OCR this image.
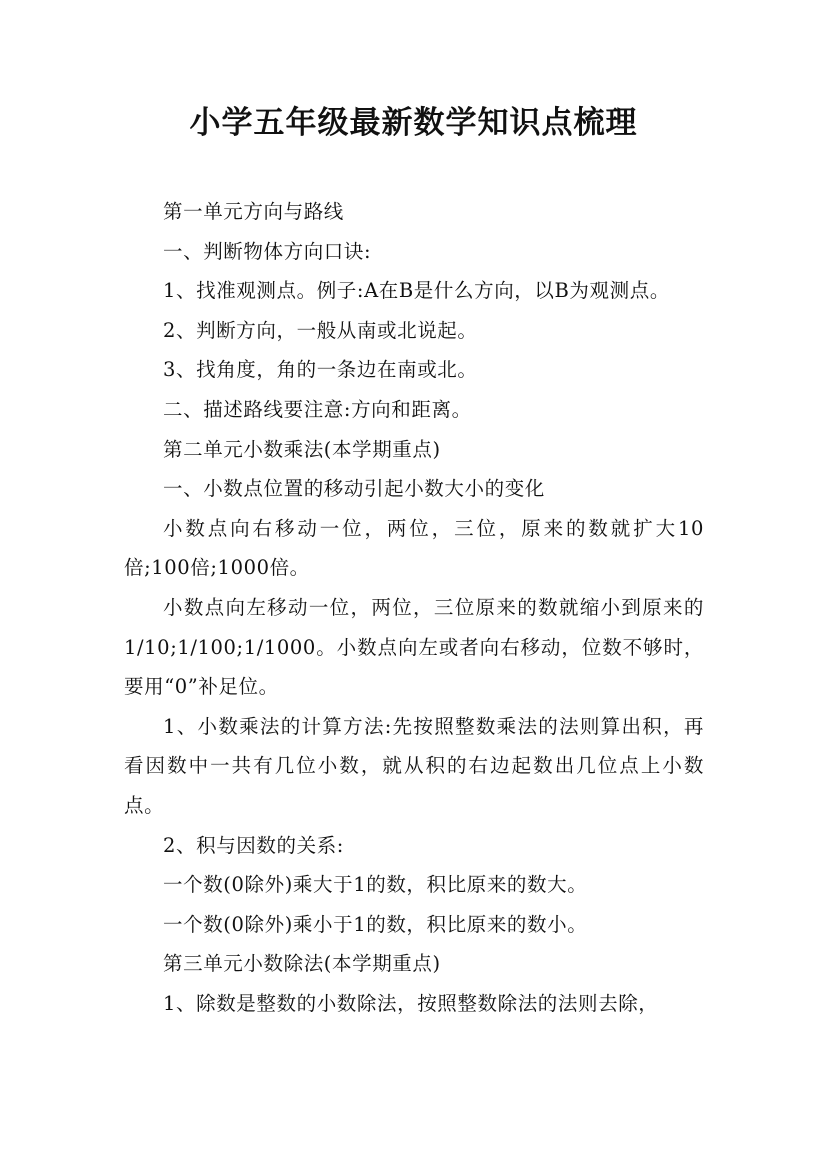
小学五年级最新数学知识点梳理

第一单元方向与路线

一、判断物体方向口诀:

1、找准观测点。例子:A在B是什么方向，以B为观测点。

2、判断方向，一般从南或北说起。

3、找角度，角的一条边在南或北。

二、描述路线要注意:方向和距离。

第二单元小数乘法(本学期重点)

一、小数点位置的移动引起小数大小的变化

小数点向右移动一位，两位，三位，原来的数就扩大10倍;100倍;1000倍。

小数点向左移动一位，两位，三位原来的数就缩小到原来的1/10;1/100;1/1000。小数点向左或者向右移动，位数不够时，要用“0”补足位。

1、小数乘法的计算方法:先按照整数乘法的法则算出积，再看因数中一共有几位小数，就从积的右边起数出几位点上小数点。

2、积与因数的关系:

一个数(0除外)乘大于1的数，积比原来的数大。

一个数(0除外)乘小于1的数，积比原来的数小。

第三单元小数除法(本学期重点)

1、除数是整数的小数除法，按照整数除法的法则去除，
